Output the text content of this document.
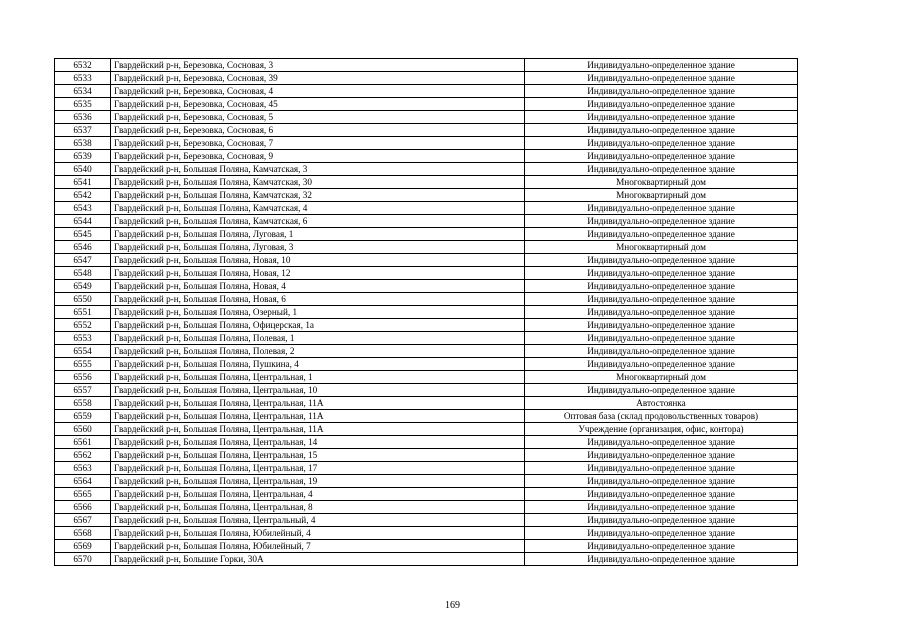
6532	Гвардейский р-н, Березовка, Сосновая, 3	Индивидуально-определенное здание
6533	Гвардейский р-н, Березовка, Сосновая, 39	Индивидуально-определенное здание
6534	Гвардейский р-н, Березовка, Сосновая, 4	Индивидуально-определенное здание
6535	Гвардейский р-н, Березовка, Сосновая, 45	Индивидуально-определенное здание
6536	Гвардейский р-н, Березовка, Сосновая, 5	Индивидуально-определенное здание
6537	Гвардейский р-н, Березовка, Сосновая, 6	Индивидуально-определенное здание
6538	Гвардейский р-н, Березовка, Сосновая, 7	Индивидуально-определенное здание
6539	Гвардейский р-н, Березовка, Сосновая, 9	Индивидуально-определенное здание
6540	Гвардейский р-н, Большая Поляна, Камчатская, 3	Индивидуально-определенное здание
6541	Гвардейский р-н, Большая Поляна, Камчатская, 30	Многоквартирный дом
6542	Гвардейский р-н, Большая Поляна, Камчатская, 32	Многоквартирный дом
6543	Гвардейский р-н, Большая Поляна, Камчатская, 4	Индивидуально-определенное здание
6544	Гвардейский р-н, Большая Поляна, Камчатская, 6	Индивидуально-определенное здание
6545	Гвардейский р-н, Большая Поляна, Луговая, 1	Индивидуально-определенное здание
6546	Гвардейский р-н, Большая Поляна, Луговая, 3	Многоквартирный дом
6547	Гвардейский р-н, Большая Поляна, Новая, 10	Индивидуально-определенное здание
6548	Гвардейский р-н, Большая Поляна, Новая, 12	Индивидуально-определенное здание
6549	Гвардейский р-н, Большая Поляна, Новая, 4	Индивидуально-определенное здание
6550	Гвардейский р-н, Большая Поляна, Новая, 6	Индивидуально-определенное здание
6551	Гвардейский р-н, Большая Поляна, Озерный, 1	Индивидуально-определенное здание
6552	Гвардейский р-н, Большая Поляна, Офицерская, 1а	Индивидуально-определенное здание
6553	Гвардейский р-н, Большая Поляна, Полевая, 1	Индивидуально-определенное здание
6554	Гвардейский р-н, Большая Поляна, Полевая, 2	Индивидуально-определенное здание
6555	Гвардейский р-н, Большая Поляна, Пушкина, 4	Индивидуально-определенное здание
6556	Гвардейский р-н, Большая Поляна, Центральная, 1	Многоквартирный дом
6557	Гвардейский р-н, Большая Поляна, Центральная, 10	Индивидуально-определенное здание
6558	Гвардейский р-н, Большая Поляна, Центральная, 11А	Автостоянка
6559	Гвардейский р-н, Большая Поляна, Центральная, 11А	Оптовая база (склад продовольственных товаров)
6560	Гвардейский р-н, Большая Поляна, Центральная, 11А	Учреждение (организация, офис, контора)
6561	Гвардейский р-н, Большая Поляна, Центральная, 14	Индивидуально-определенное здание
6562	Гвардейский р-н, Большая Поляна, Центральная, 15	Индивидуально-определенное здание
6563	Гвардейский р-н, Большая Поляна, Центральная, 17	Индивидуально-определенное здание
6564	Гвардейский р-н, Большая Поляна, Центральная, 19	Индивидуально-определенное здание
6565	Гвардейский р-н, Большая Поляна, Центральная, 4	Индивидуально-определенное здание
6566	Гвардейский р-н, Большая Поляна, Центральная, 8	Индивидуально-определенное здание
6567	Гвардейский р-н, Большая Поляна, Центральный, 4	Индивидуально-определенное здание
6568	Гвардейский р-н, Большая Поляна, Юбилейный, 4	Индивидуально-определенное здание
6569	Гвардейский р-н, Большая Поляна, Юбилейный, 7	Индивидуально-определенное здание
6570	Гвардейский р-н, Большие Горки, 30А	Индивидуально-определенное здание
169
